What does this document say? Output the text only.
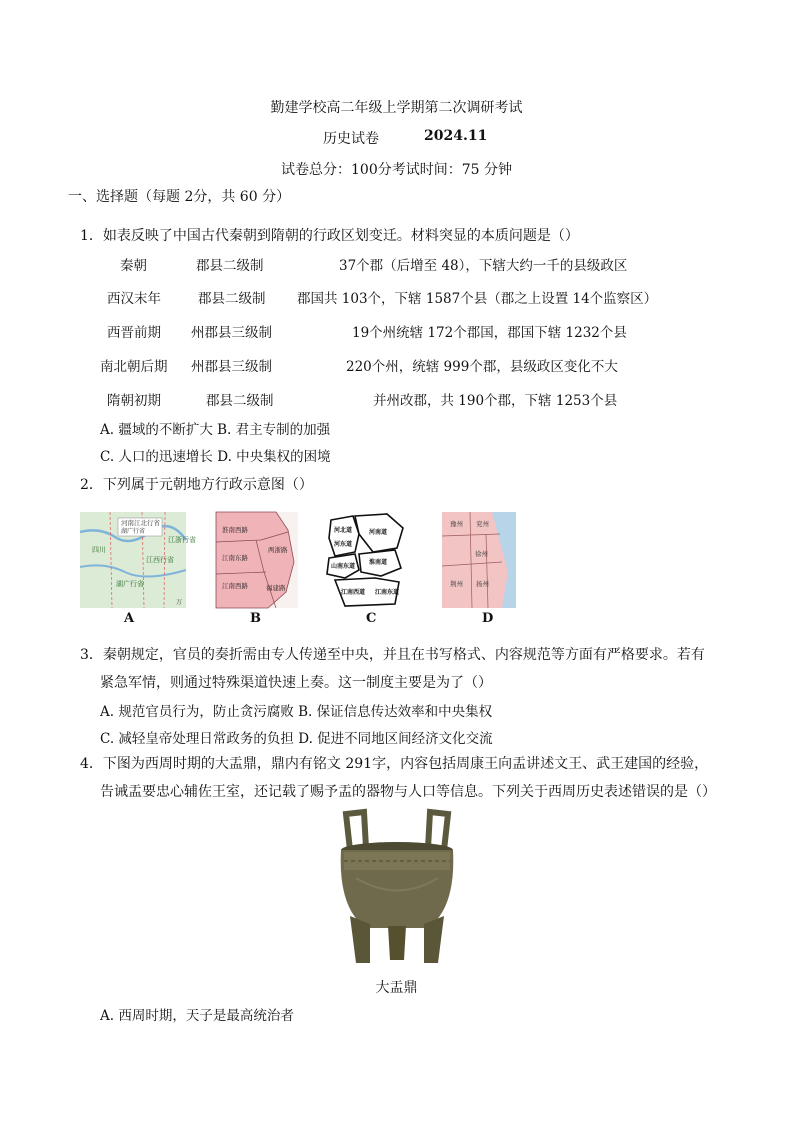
勤建学校高二年级上学期第二次调研考试
历史试卷	2024.11
试卷总分：100分考试时间：75 分钟
一、选择题（每题 2分，共 60 分）
1．如表反映了中国古代秦朝到隋朝的行政区划变迁。材料突显的本质问题是（）
秦朝	郡县二级制	37个郡（后增至 48），下辖大约一千的县级政区
西汉末年	郡县二级制 郡国共 103个，下辖 1587个县（郡之上设置 14个监察区）
西晋前期 州郡县三级制	19个州统辖 172个郡国，郡国下辖 1232个县
南北朝后期 州郡县三级制	220个州，统辖 999个郡，县级政区变化不大
隋朝初期	郡县二级制	并州改郡，共 190个郡，下辖 1253个县
A. 疆域的不断扩大 B. 君主专制的加强
C. 人口的迅速增长 D. 中央集权的困境
2．下列属于元朝地方行政示意图（）
河南江北行省
湖广行省
四川
江西行省
江浙行省
湖广行省
万
淮南西路
两浙路
江南东路
江南西路	福建路
河北道
河东道
河南道
山南东道
淮南道
江南西道 江南东道
豫州 兖州
徐州
荆州 扬州
A	B	C	D
3．秦朝规定，官员的奏折需由专人传递至中央，并且在书写格式、内容规范等方面有严格要求。若有
紧急军情，则通过特殊渠道快速上奏。这一制度主要是为了（）
A. 规范官员行为，防止贪污腐败 B. 保证信息传达效率和中央集权
C. 减轻皇帝处理日常政务的负担 D. 促进不同地区间经济文化交流
4．下图为西周时期的大盂鼎，鼎内有铭文 291字，内容包括周康王向盂讲述文王、武王建国的经验，
告诫盂要忠心辅佐王室，还记载了赐予盂的器物与人口等信息。下列关于西周历史表述错误的是（）
大盂鼎
A. 西周时期，天子是最高统治者
